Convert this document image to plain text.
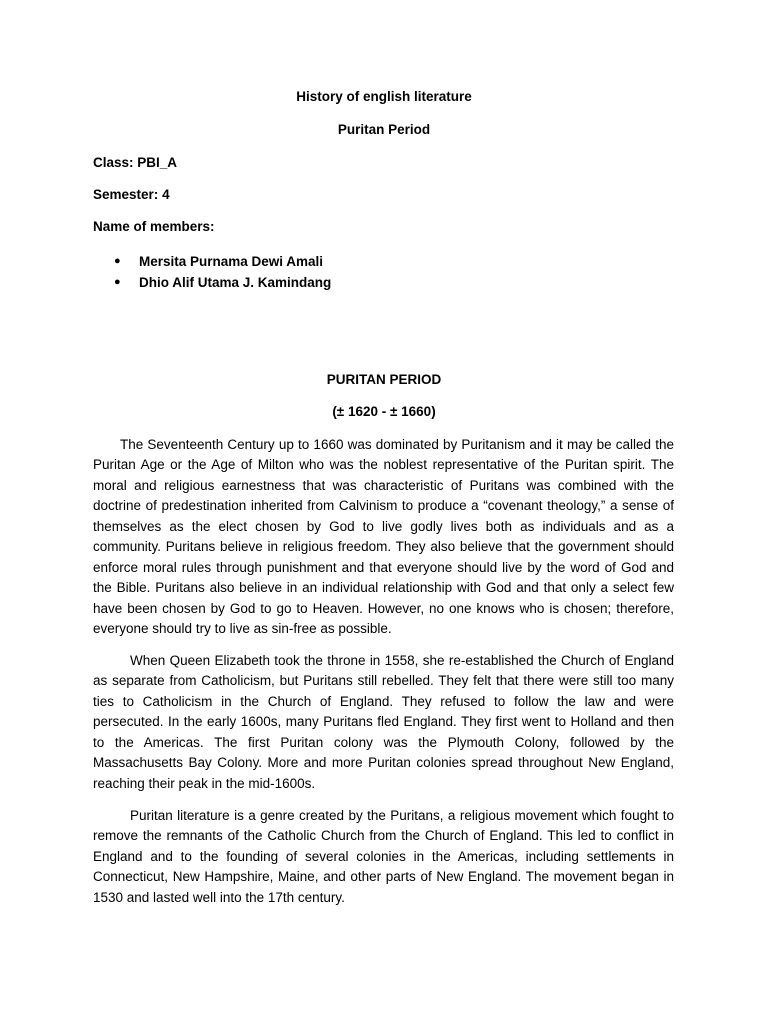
History of english literature
Puritan Period
Class: PBI_A
Semester: 4
Name of members:
● Mersita Purnama Dewi Amali
● Dhio Alif Utama J. Kamindang
PURITAN PERIOD
(± 1620 - ± 1660)

The Seventeenth Century up to 1660 was dominated by Puritanism and it may be called the Puritan Age or the Age of Milton who was the noblest representative of the Puritan spirit. The moral and religious earnestness that was characteristic of Puritans was combined with the doctrine of predestination inherited from Calvinism to produce a “covenant theology,” a sense of themselves as the elect chosen by God to live godly lives both as individuals and as a community. Puritans believe in religious freedom. They also believe that the government should enforce moral rules through punishment and that everyone should live by the word of God and the Bible. Puritans also believe in an individual relationship with God and that only a select few have been chosen by God to go to Heaven. However, no one knows who is chosen; therefore, everyone should try to live as sin-free as possible.

When Queen Elizabeth took the throne in 1558, she re-established the Church of England as separate from Catholicism, but Puritans still rebelled. They felt that there were still too many ties to Catholicism in the Church of England. They refused to follow the law and were persecuted. In the early 1600s, many Puritans fled England. They first went to Holland and then to the Americas. The first Puritan colony was the Plymouth Colony, followed by the Massachusetts Bay Colony. More and more Puritan colonies spread throughout New England, reaching their peak in the mid-1600s.

Puritan literature is a genre created by the Puritans, a religious movement which fought to remove the remnants of the Catholic Church from the Church of England. This led to conflict in England and to the founding of several colonies in the Americas, including settlements in Connecticut, New Hampshire, Maine, and other parts of New England. The movement began in 1530 and lasted well into the 17th century.
